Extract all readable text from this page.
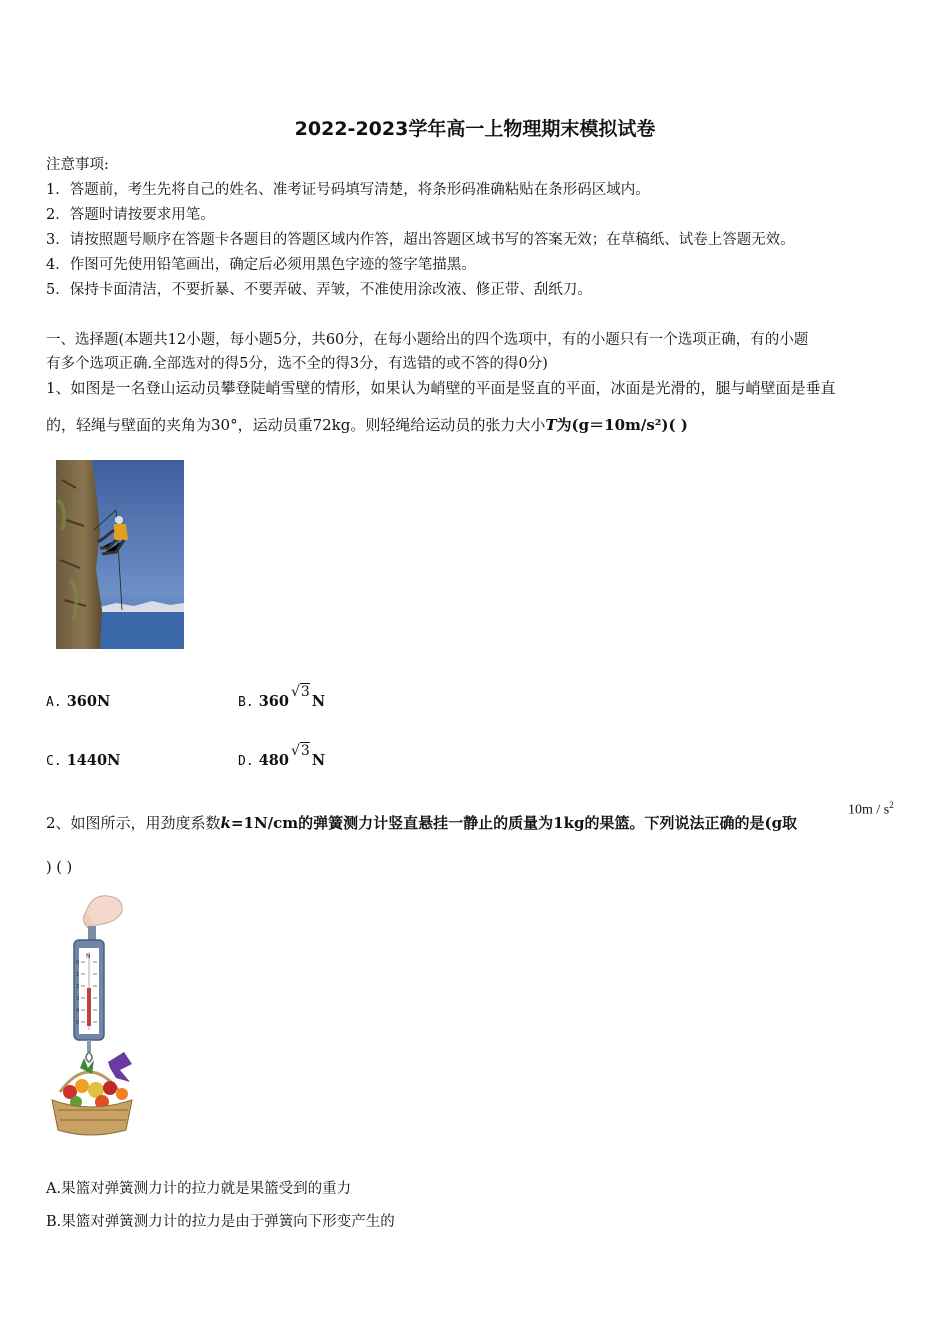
2022-2023学年高一上物理期末模拟试卷
注意事项:
1．答题前，考生先将自己的姓名、准考证号码填写清楚，将条形码准确粘贴在条形码区域内。
2．答题时请按要求用笔。
3．请按照题号顺序在答题卡各题目的答题区域内作答，超出答题区域书写的答案无效；在草稿纸、试卷上答题无效。
4．作图可先使用铅笔画出，确定后必须用黑色字迹的签字笔描黑。
5．保持卡面清洁，不要折暴、不要弄破、弄皱，不准使用涂改液、修正带、刮纸刀。
一、选择题(本题共12小题，每小题5分，共60分，在每小题给出的四个选项中，有的小题只有一个选项正确，有的小题
有多个选项正确.全部选对的得5分，选不全的得3分，有选错的或不答的得0分)
1、如图是一名登山运动员攀登陡峭雪壁的情形，如果认为峭壁的平面是竖直的平面，冰面是光滑的，腿与峭壁面是垂直
的，轻绳与壁面的夹角为30°，运动员重72kg。则轻绳给运动员的张力大小T为(g＝10m/s²)( )
A. 360N	B. 360√3N
C. 1440N	D. 480√3N
2、如图所示，用劲度系数k=1N/cm的弹簧测力计竖直悬挂一静止的质量为1kg的果篮。下列说法正确的是(g取
$10m / s^2$
) ( )
N
0
1
2
3
4
5
A.果篮对弹簧测力计的拉力就是果篮受到的重力
B.果篮对弹簧测力计的拉力是由于弹簧向下形变产生的
